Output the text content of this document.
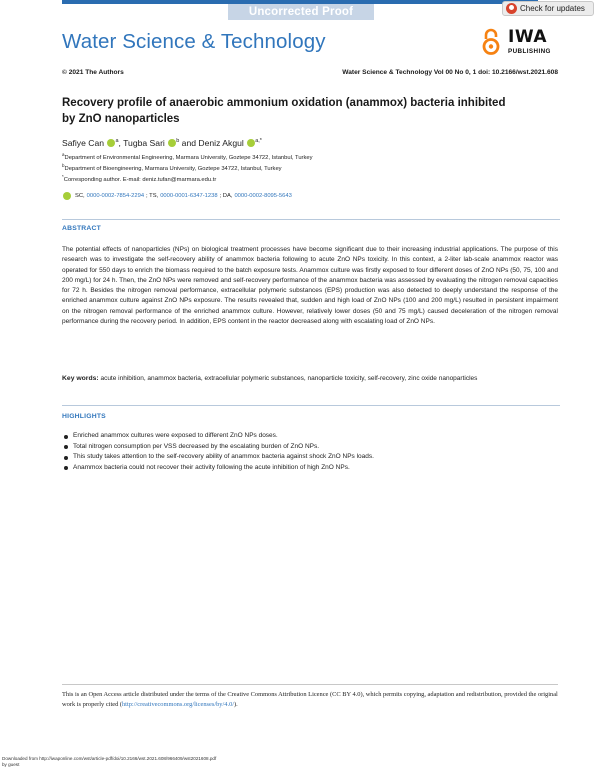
Uncorrected Proof	Check for updates
Water Science & Technology	IWA
PUBLISHING
© 2021 The Authors	Water Science & Technology Vol 00 No 0, 1 doi: 10.2166/wst.2021.608
Recovery profile of anaerobic ammonium oxidation (anammox) bacteria inhibited
by ZnO nanoparticles
Safiye Can $^a$, Tugba Sari $^b$ and Deniz Akgul $^{a,*}$
$^a$Department of Environmental Engineering, Marmara University, Goztepe 34722, Istanbul, Turkey
$^b$Department of Bioengineering, Marmara University, Goztepe 34722, Istanbul, Turkey
*Corresponding author. E-mail: deniz.tufan@marmara.edu.tr
SC, 0000-0002-7854-2294 ; TS, 0000-0001-6347-1238 ; DA, 0000-0002-8095-5643
ABSTRACT

The potential effects of nanoparticles (NPs) on biological treatment processes have become significant due to their increasing industrial applications. The purpose of this research was to investigate the self-recovery ability of anammox bacteria following to acute ZnO NPs toxicity. In this context, a 2-liter lab-scale anammox reactor was operated for 550 days to enrich the biomass required to the batch exposure tests. Anammox culture was firstly exposed to four different doses of ZnO NPs (50, 75, 100 and 200 mg/L) for 24 h. Then, the ZnO NPs were removed and self-recovery performance of the anammox bacteria was assessed by evaluating the nitrogen removal capacities for 72 h. Besides the nitrogen removal performance, extracellular polymeric substances (EPS) production was also detected to deeply understand the response of the enriched anammox culture against ZnO NPs exposure. The results revealed that, sudden and high load of ZnO NPs (100 and 200 mg/L) resulted in persistent impairment on the nitrogen removal performance of the enriched anammox culture. However, relatively lower doses (50 and 75 mg/L) caused deceleration of the nitrogen removal performance during the recovery period. In addition, EPS content in the reactor decreased along with escalating load of ZnO NPs.

Key words: acute inhibition, anammox bacteria, extracellular polymeric substances, nanoparticle toxicity, self-recovery, zinc oxide nanoparticles

HIGHLIGHTS
Enriched anammox cultures were exposed to different ZnO NPs doses.
Total nitrogen consumption per VSS decreased by the escalating burden of ZnO NPs.
This study takes attention to the self-recovery ability of anammox bacteria against shock ZnO NPs loads.
Anammox bacteria could not recover their activity following the acute inhibition of high ZnO NPs.

This is an Open Access article distributed under the terms of the Creative Commons Attribution Licence (CC BY 4.0), which permits copying, adaptation and redistribution, provided the original work is properly cited (http://creativecommons.org/licenses/by/4.0/).

Downloaded from http://iwaponline.com/wst/article-pdf/doi/10.2166/wst.2021.608/966409/wst2021608.pdf
by guest
